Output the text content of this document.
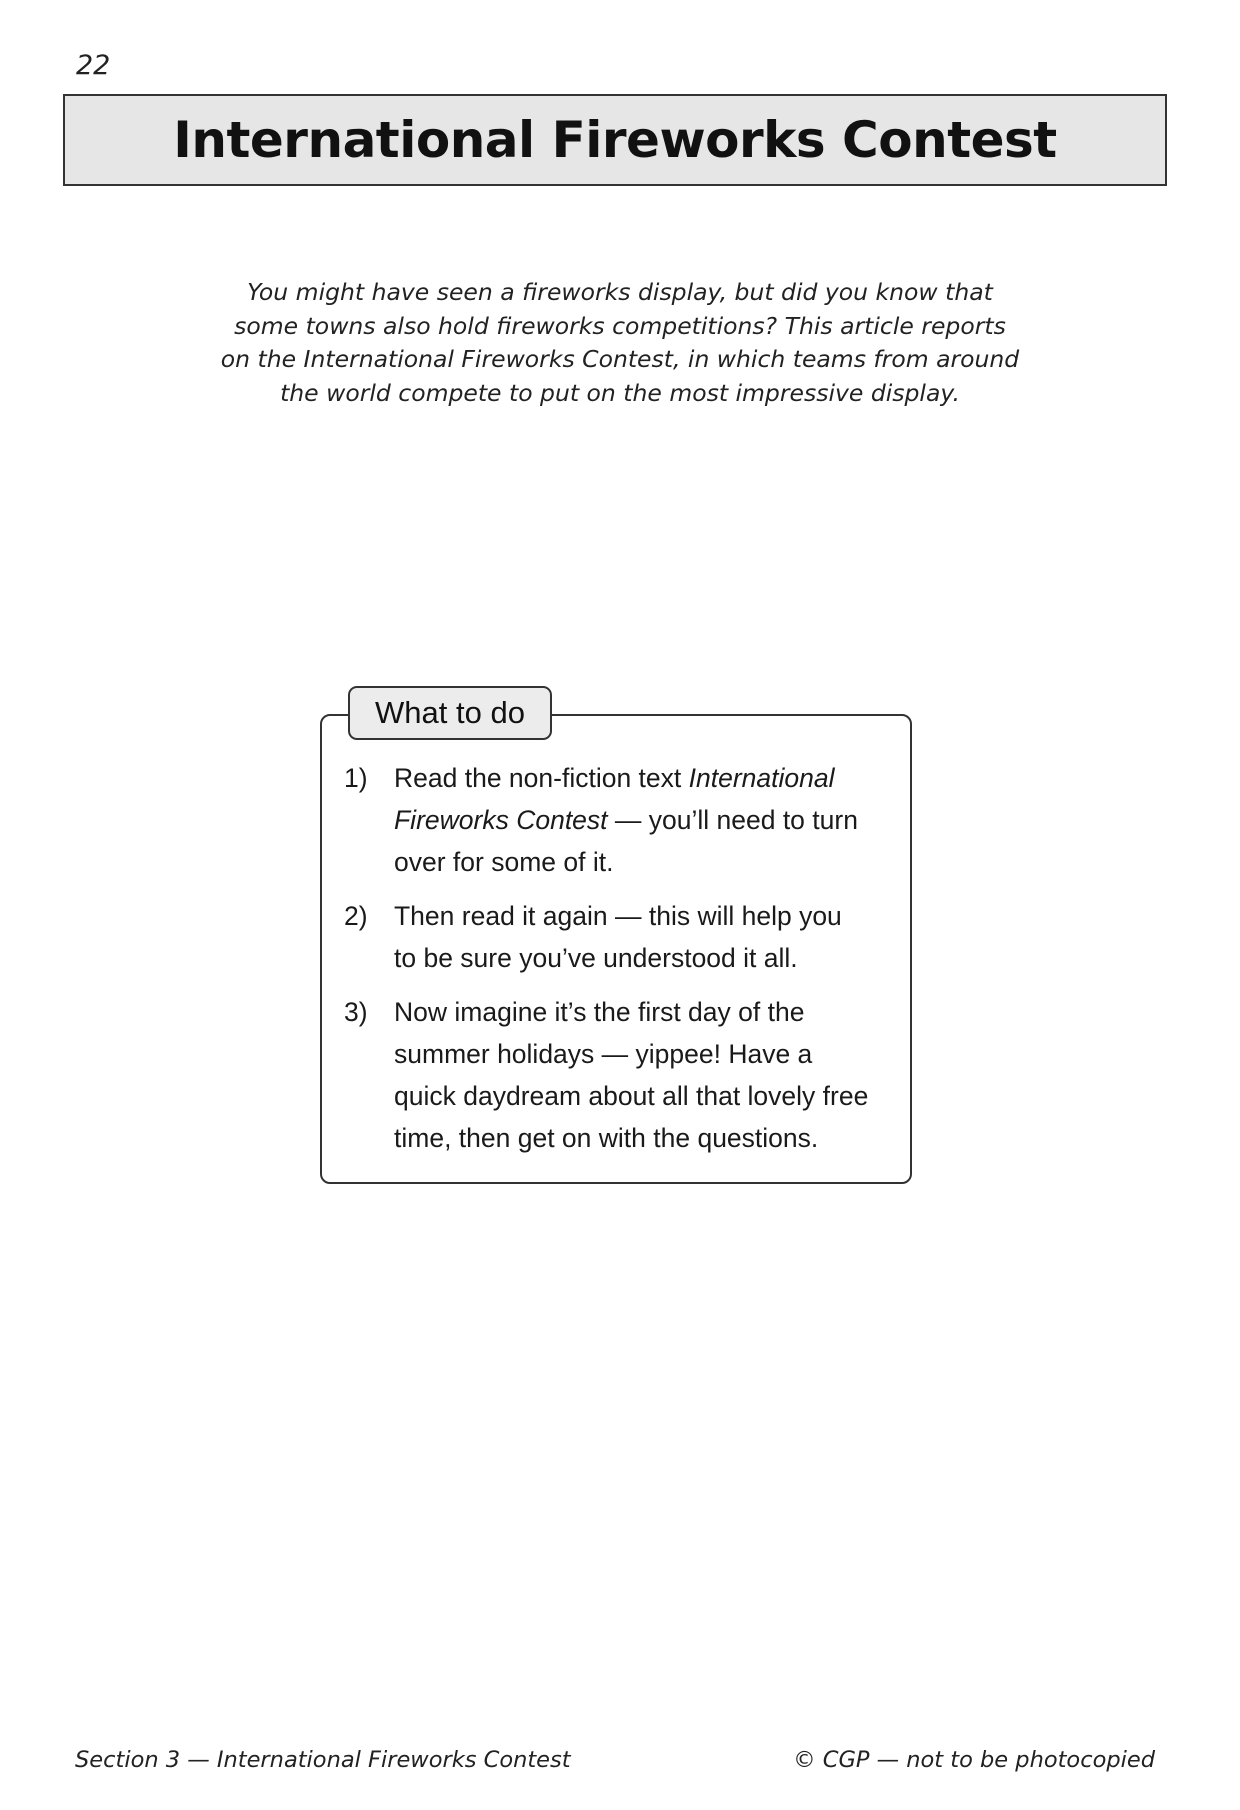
22
International Fireworks Contest
You might have seen a fireworks display, but did you know that
some towns also hold fireworks competitions? This article reports
on the International Fireworks Contest, in which teams from around
the world compete to put on the most impressive display.
What to do
1) Read the non-fiction text International
Fireworks Contest — you’ll need to turn
over for some of it.
2) Then read it again — this will help you
to be sure you’ve understood it all.
3) Now imagine it’s the first day of the
summer holidays — yippee! Have a
quick daydream about all that lovely free
time, then get on with the questions.
Section 3 — International Fireworks Contest	© CGP — not to be photocopied
